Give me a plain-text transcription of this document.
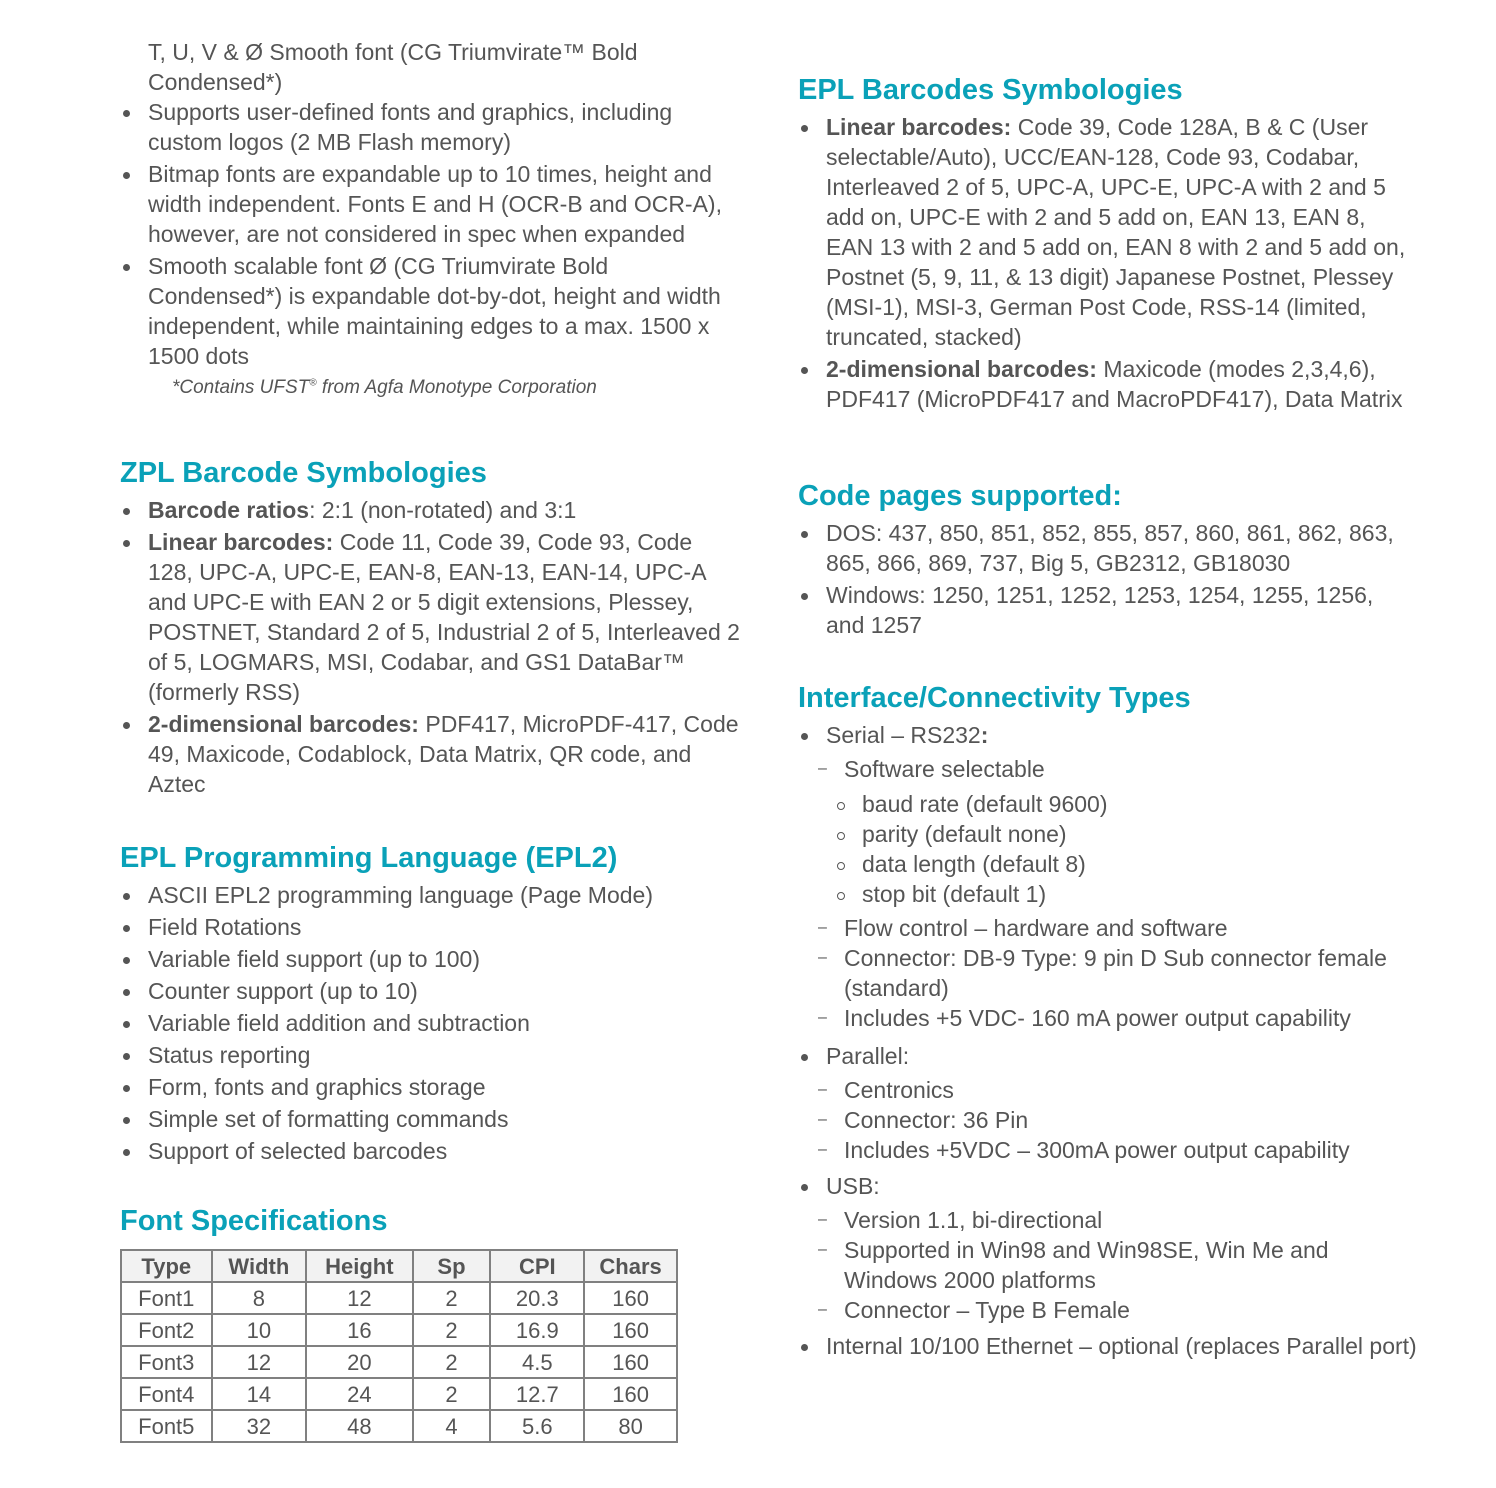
T, U, V & Ø Smooth font (CG Triumvirate™ Bold Condensed*)
Supports user-defined fonts and graphics, including custom logos (2 MB Flash memory)
Bitmap fonts are expandable up to 10 times, height and width independent. Fonts E and H (OCR-B and OCR-A), however, are not considered in spec when expanded
Smooth scalable font Ø (CG Triumvirate Bold Condensed*) is expandable dot-by-dot, height and width independent, while maintaining edges to a max. 1500 x 1500 dots
*Contains UFST® from Agfa Monotype Corporation
ZPL Barcode Symbologies
Barcode ratios: 2:1 (non-rotated) and 3:1
Linear barcodes: Code 11, Code 39, Code 93, Code 128, UPC-A, UPC-E, EAN-8, EAN-13, EAN-14, UPC-A and UPC-E with EAN 2 or 5 digit extensions, Plessey, POSTNET, Standard 2 of 5, Industrial 2 of 5, Interleaved 2 of 5, LOGMARS, MSI, Codabar, and GS1 DataBar™ (formerly RSS)
2-dimensional barcodes: PDF417, MicroPDF-417, Code 49, Maxicode, Codablock, Data Matrix, QR code, and Aztec
EPL Programming Language (EPL2)
ASCII EPL2 programming language (Page Mode)
Field Rotations
Variable field support (up to 100)
Counter support (up to 10)
Variable field addition and subtraction
Status reporting
Form, fonts and graphics storage
Simple set of formatting commands
Support of selected barcodes
Font Specifications
Type	Width	Height	Sp	CPI	Chars
Font1	8	12	2	20.3	160
Font2	10	16	2	16.9	160
Font3	12	20	2	4.5	160
Font4	14	24	2	12.7	160
Font5	32	48	4	5.6	80
EPL Barcodes Symbologies
Linear barcodes: Code 39, Code 128A, B & C (User selectable/Auto), UCC/EAN-128, Code 93, Codabar, Interleaved 2 of 5, UPC-A, UPC-E, UPC-A with 2 and 5 add on, UPC-E with 2 and 5 add on, EAN 13, EAN 8, EAN 13 with 2 and 5 add on, EAN 8 with 2 and 5 add on, Postnet (5, 9, 11, & 13 digit) Japanese Postnet, Plessey (MSI-1), MSI-3, German Post Code, RSS-14 (limited, truncated, stacked)
2-dimensional barcodes: Maxicode (modes 2,3,4,6), PDF417 (MicroPDF417 and MacroPDF417), Data Matrix
Code pages supported:
DOS: 437, 850, 851, 852, 855, 857, 860, 861, 862, 863, 865, 866, 869, 737, Big 5, GB2312, GB18030
Windows: 1250, 1251, 1252, 1253, 1254, 1255, 1256, and 1257
Interface/Connectivity Types
Serial – RS232:
– Software selectable
baud rate (default 9600)
parity (default none)
data length (default 8)
stop bit (default 1)
– Flow control – hardware and software
– Connector: DB-9 Type: 9 pin D Sub connector female (standard)
– Includes +5 VDC- 160 mA power output capability
Parallel:
– Centronics
– Connector: 36 Pin
– Includes +5VDC – 300mA power output capability
USB:
– Version 1.1, bi-directional
– Supported in Win98 and Win98SE, Win Me and Windows 2000 platforms
– Connector – Type B Female
Internal 10/100 Ethernet – optional (replaces Parallel port)
